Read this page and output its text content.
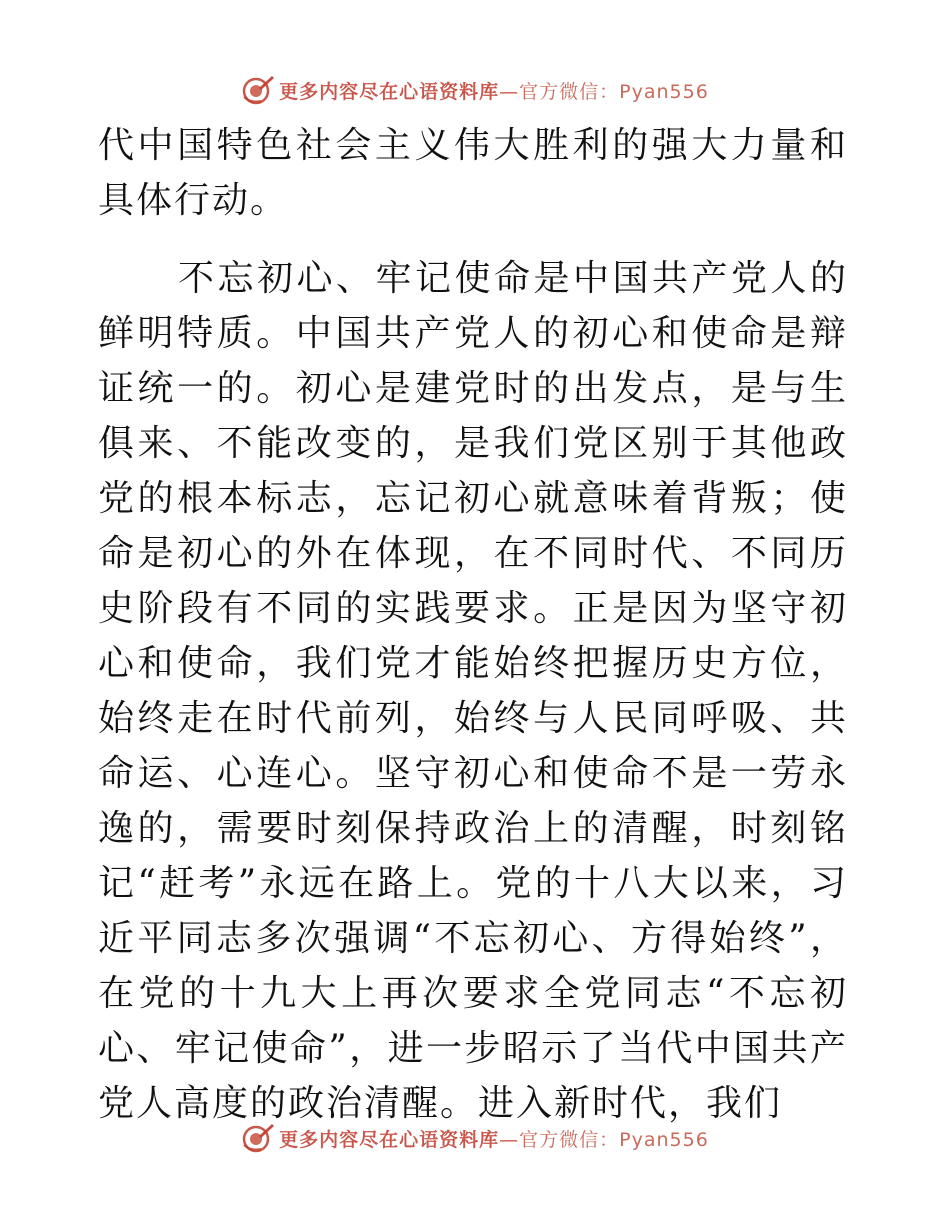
更多内容尽在心语资料库—官方微信：Pyan556

代中国特色社会主义伟大胜利的强大力量和具体行动。

不忘初心、牢记使命是中国共产党人的鲜明特质。中国共产党人的初心和使命是辩证统一的。初心是建党时的出发点，是与生俱来、不能改变的，是我们党区别于其他政党的根本标志，忘记初心就意味着背叛；使命是初心的外在体现，在不同时代、不同历史阶段有不同的实践要求。正是因为坚守初心和使命，我们党才能始终把握历史方位，始终走在时代前列，始终与人民同呼吸、共命运、心连心。坚守初心和使命不是一劳永逸的，需要时刻保持政治上的清醒，时刻铭记“赶考”永远在路上。党的十八大以来，习近平同志多次强调“不忘初心、方得始终”，在党的十九大上再次要求全党同志“不忘初心、牢记使命”，进一步昭示了当代中国共产党人高度的政治清醒。进入新时代，我们

更多内容尽在心语资料库—官方微信：Pyan556
